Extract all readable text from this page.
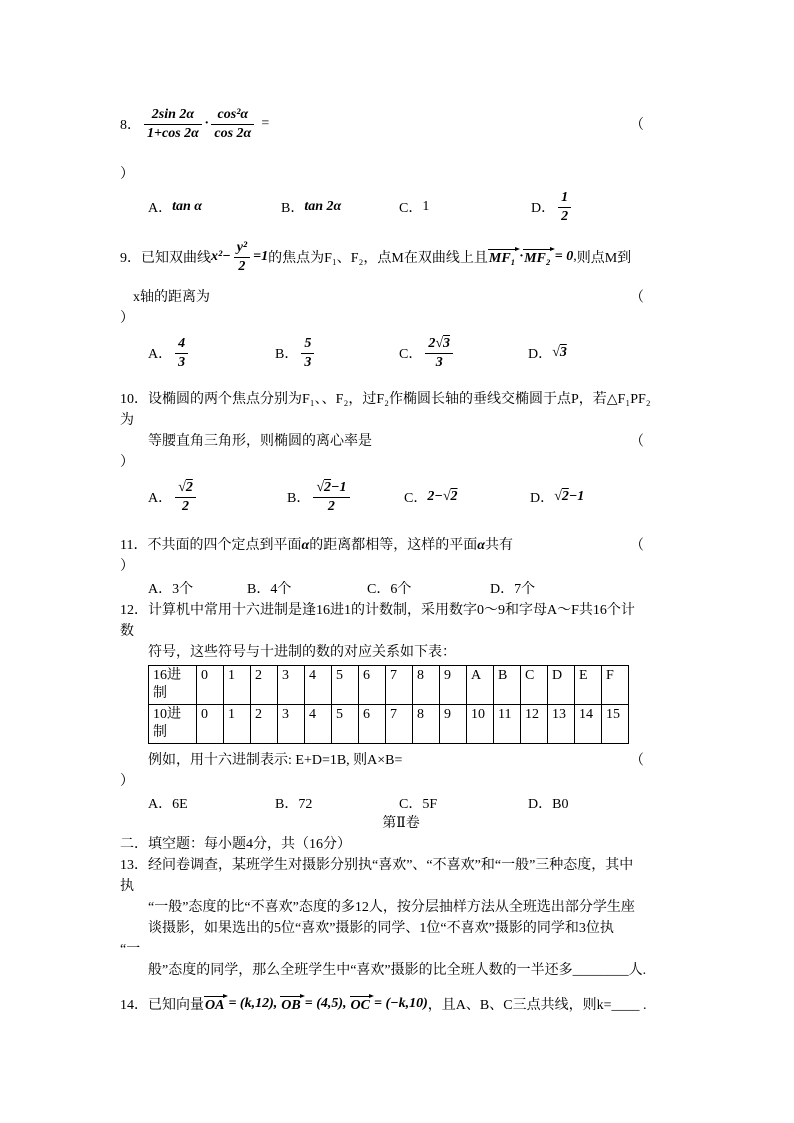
8． $\frac{2\sin 2\alpha}{1+\cos 2\alpha} \cdot \frac{\text{cos²α}}{\cos 2\alpha}$ =	（
）
A． tan α	B． tan 2α	C． 1	D． $\frac{1}{2}$
9． 已知双曲线 $x^2- \frac{\text{y²}}{2} =1$ 的焦点为F₁、F₂，点M在双曲线上且 MF₁ · MF₂ = 0 , 则点M到
x轴的距离为	（
）
A． $\frac{4}{3}$	B． $\frac{5}{3}$	C． $\frac{2√3}{3}$	D． √3
10．设椭圆的两个焦点分别为F₁、、F₂，过F₂作椭圆长轴的垂线交椭圆于点P，若△F₁PF₂
为
等腰直角三角形，则椭圆的离心率是	（
）
A． $\frac{√2}{2}$	B． $\frac{√2-1}{2}$	C． 2−√2	D． √2−1
11．不共面的四个定点到平面α的距离都相等，这样的平面α共有	（
）
A．3个	B．4个	C．6个	D．7个
12．计算机中常用十六进制是逢16进1的计数制，采用数字0～9和字母A～F共16个计
数
符号，这些符号与十进制的数的对应关系如下表：
16进制	0	1	2	3	4	5	6	7	8	9	A	B	C	D	E	F
10进制	0	1	2	3	4	5	6	7	8	9	10	11	12	13	14	15
例如，用十六进制表示: E+D=1B, 则A×B=	（
）
A．6E	B．72	C．5F	D．B0
第Ⅱ卷
二．填空题：每小题4分，共（16分）
13．经问卷调查，某班学生对摄影分别执“喜欢”、“不喜欢”和“一般”三种态度，其中
执
“一般”态度的比“不喜欢”态度的多12人，按分层抽样方法从全班选出部分学生座
谈摄影，如果选出的5位“喜欢”摄影的同学、1位“不喜欢”摄影的同学和3位执
“一
般”态度的同学，那么全班学生中“喜欢”摄影的比全班人数的一半还多________人.
14．已知向量 OA = (k,12), OB = (4,5), OC = (−k,10) ，且A、B、C三点共线，则k=____ .
